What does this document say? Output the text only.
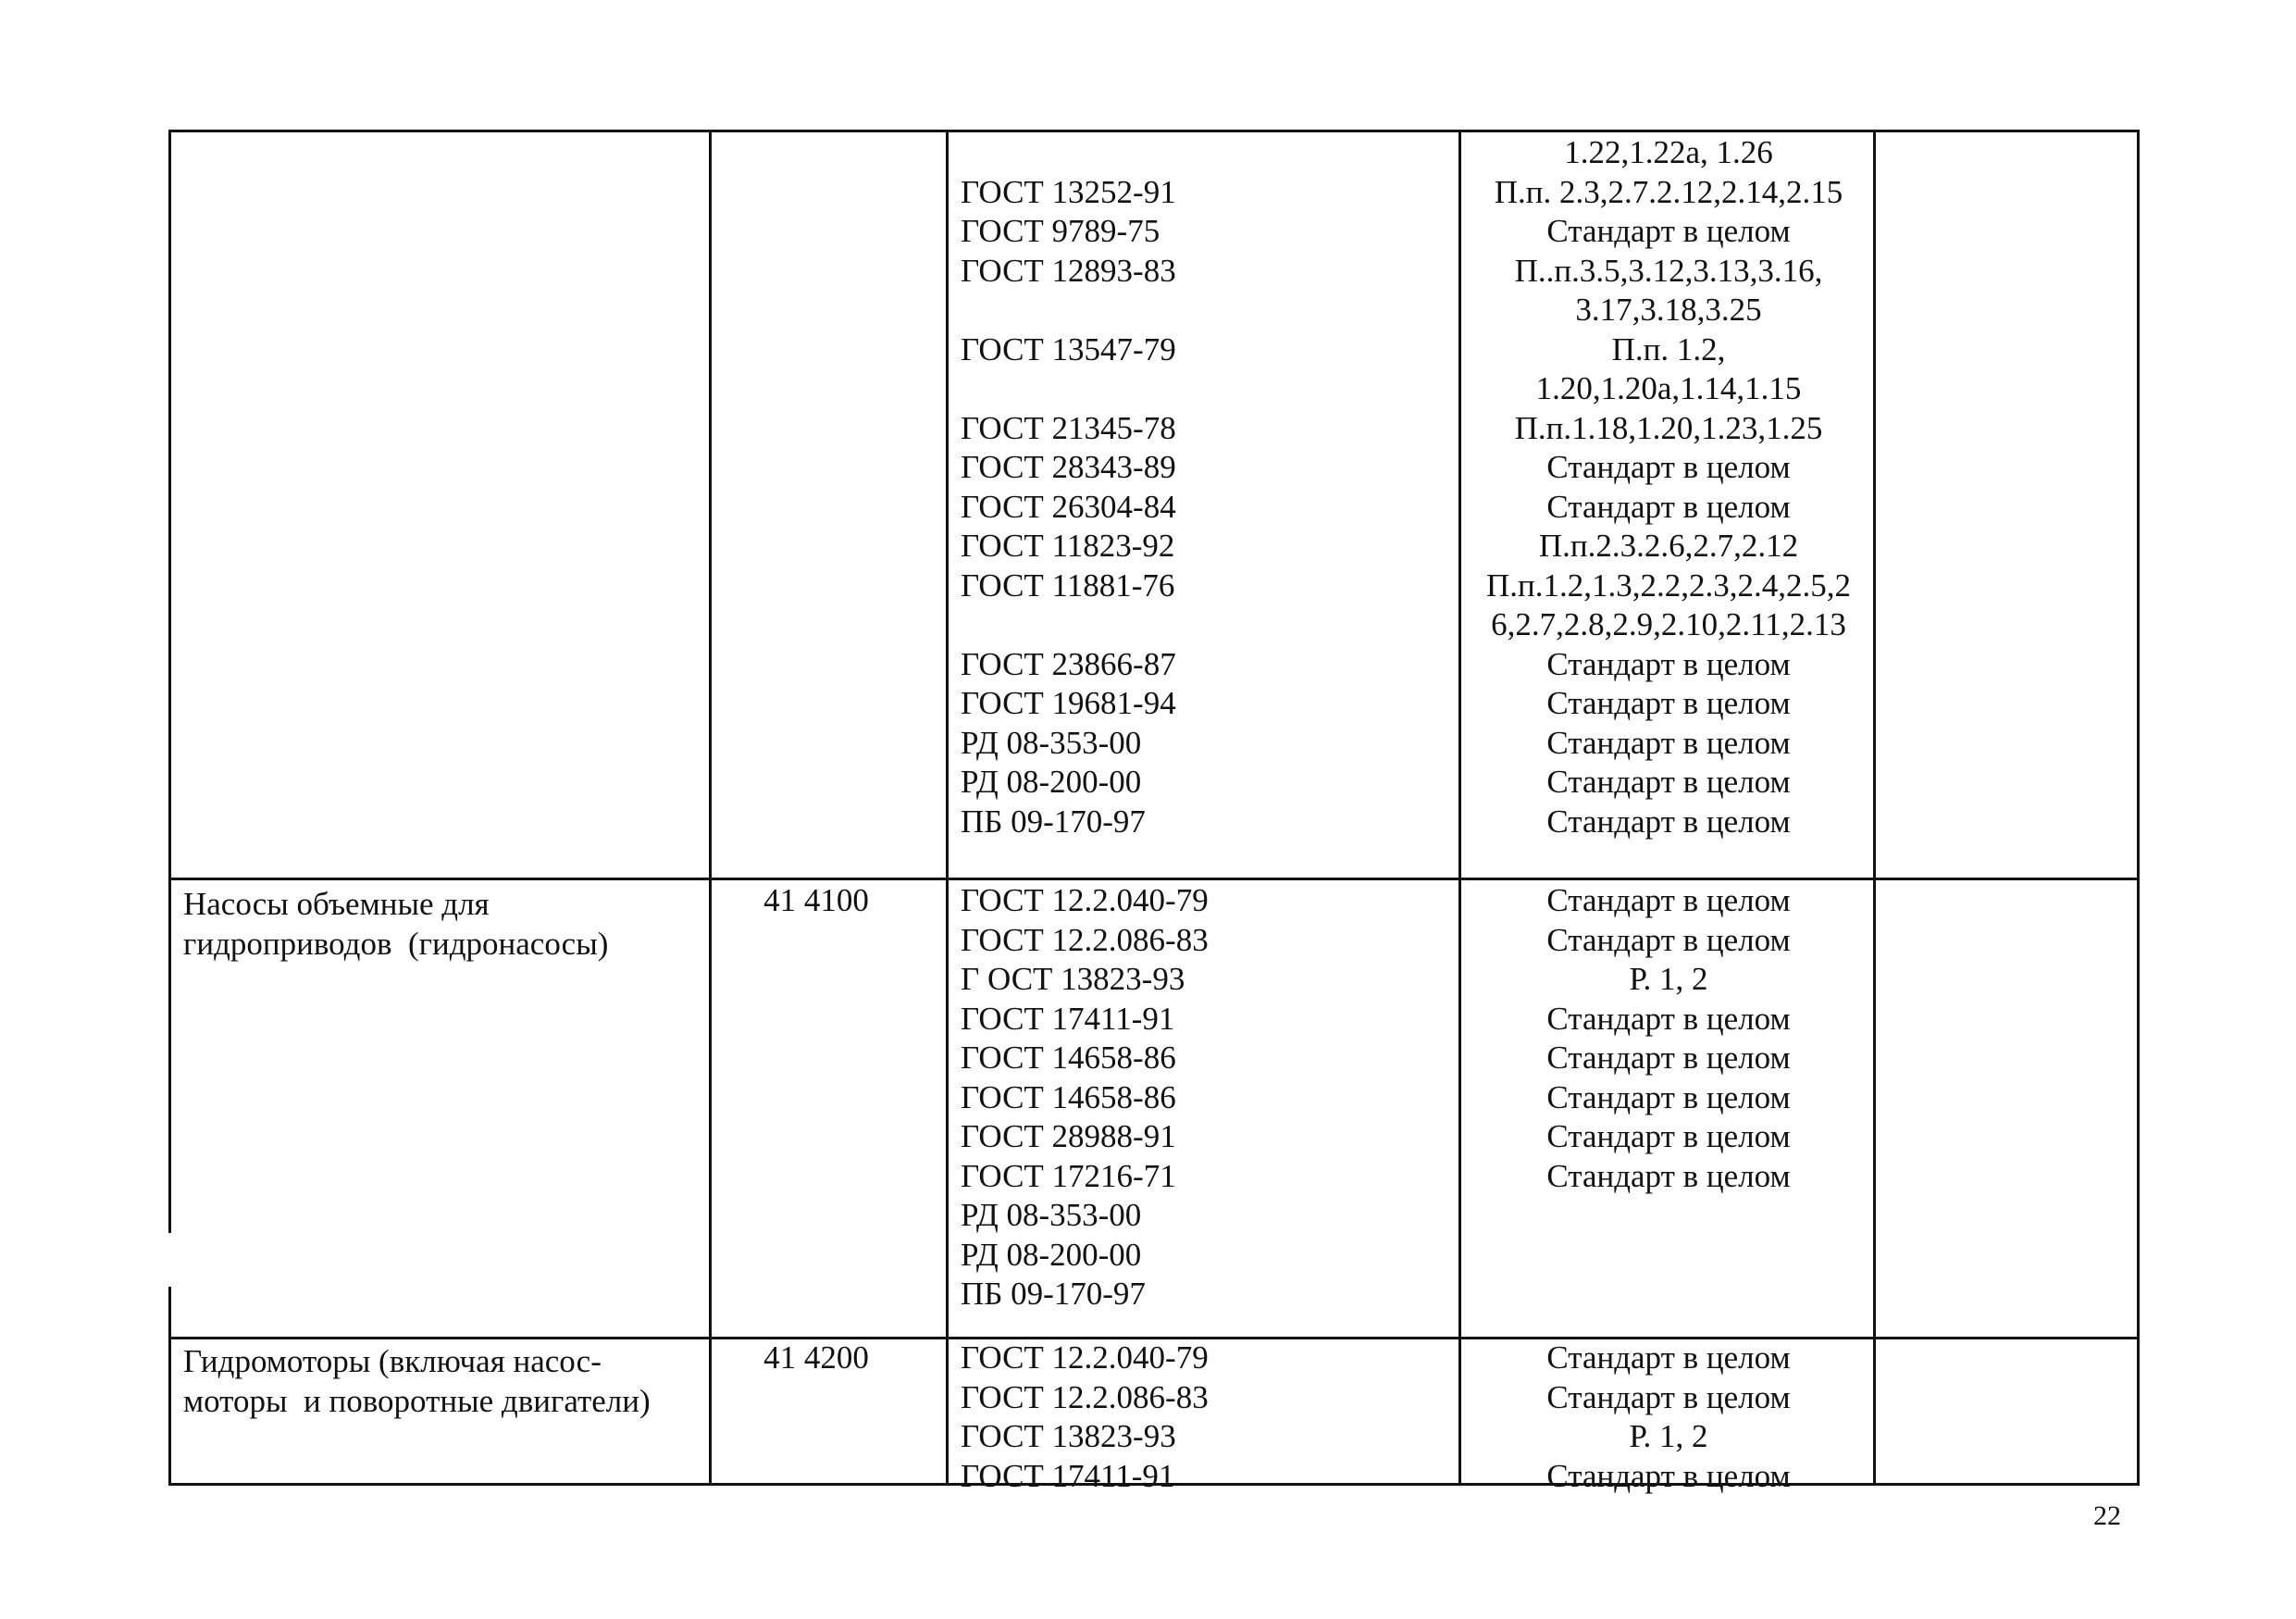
ГОСТ 13252-91
ГОСТ 9789-75
ГОСТ 12893-83
ГОСТ 13547-79
ГОСТ 21345-78
ГОСТ 28343-89
ГОСТ 26304-84
ГОСТ 11823-92
ГОСТ 11881-76
ГОСТ 23866-87
ГОСТ 19681-94
РД 08-353-00
РД 08-200-00
ПБ 09-170-97
1.22,1.22а, 1.26
П.п. 2.3,2.7.2.12,2.14,2.15
Стандарт в целом
П..п.3.5,3.12,3.13,3.16,
3.17,3.18,3.25
П.п. 1.2,
1.20,1.20а,1.14,1.15
П.п.1.18,1.20,1.23,1.25
Стандарт в целом
Стандарт в целом
П.п.2.3.2.6,2.7,2.12
П.п.1.2,1.3,2.2,2.3,2.4,2.5,2
6,2.7,2.8,2.9,2.10,2.11,2.13
Стандарт в целом
Стандарт в целом
Стандарт в целом
Стандарт в целом
Стандарт в целом
Насосы объемные для
гидроприводов  (гидронасосы)
41 4100	ГОСТ 12.2.040-79
ГОСТ 12.2.086-83
Г ОСТ 13823-93
ГОСТ 17411-91
ГОСТ 14658-86
ГОСТ 14658-86
ГОСТ 28988-91
ГОСТ 17216-71
РД 08-353-00
РД 08-200-00
ПБ 09-170-97
Стандарт в целом
Стандарт в целом
Р. 1, 2
Стандарт в целом
Стандарт в целом
Стандарт в целом
Стандарт в целом
Стандарт в целом
Гидромоторы (включая насос-
моторы  и поворотные двигатели)
41 4200	ГОСТ 12.2.040-79
ГОСТ 12.2.086-83
ГОСТ 13823-93
ГОСТ 17411-91
Стандарт в целом
Стандарт в целом
Р. 1, 2
Стандарт в целом
22
